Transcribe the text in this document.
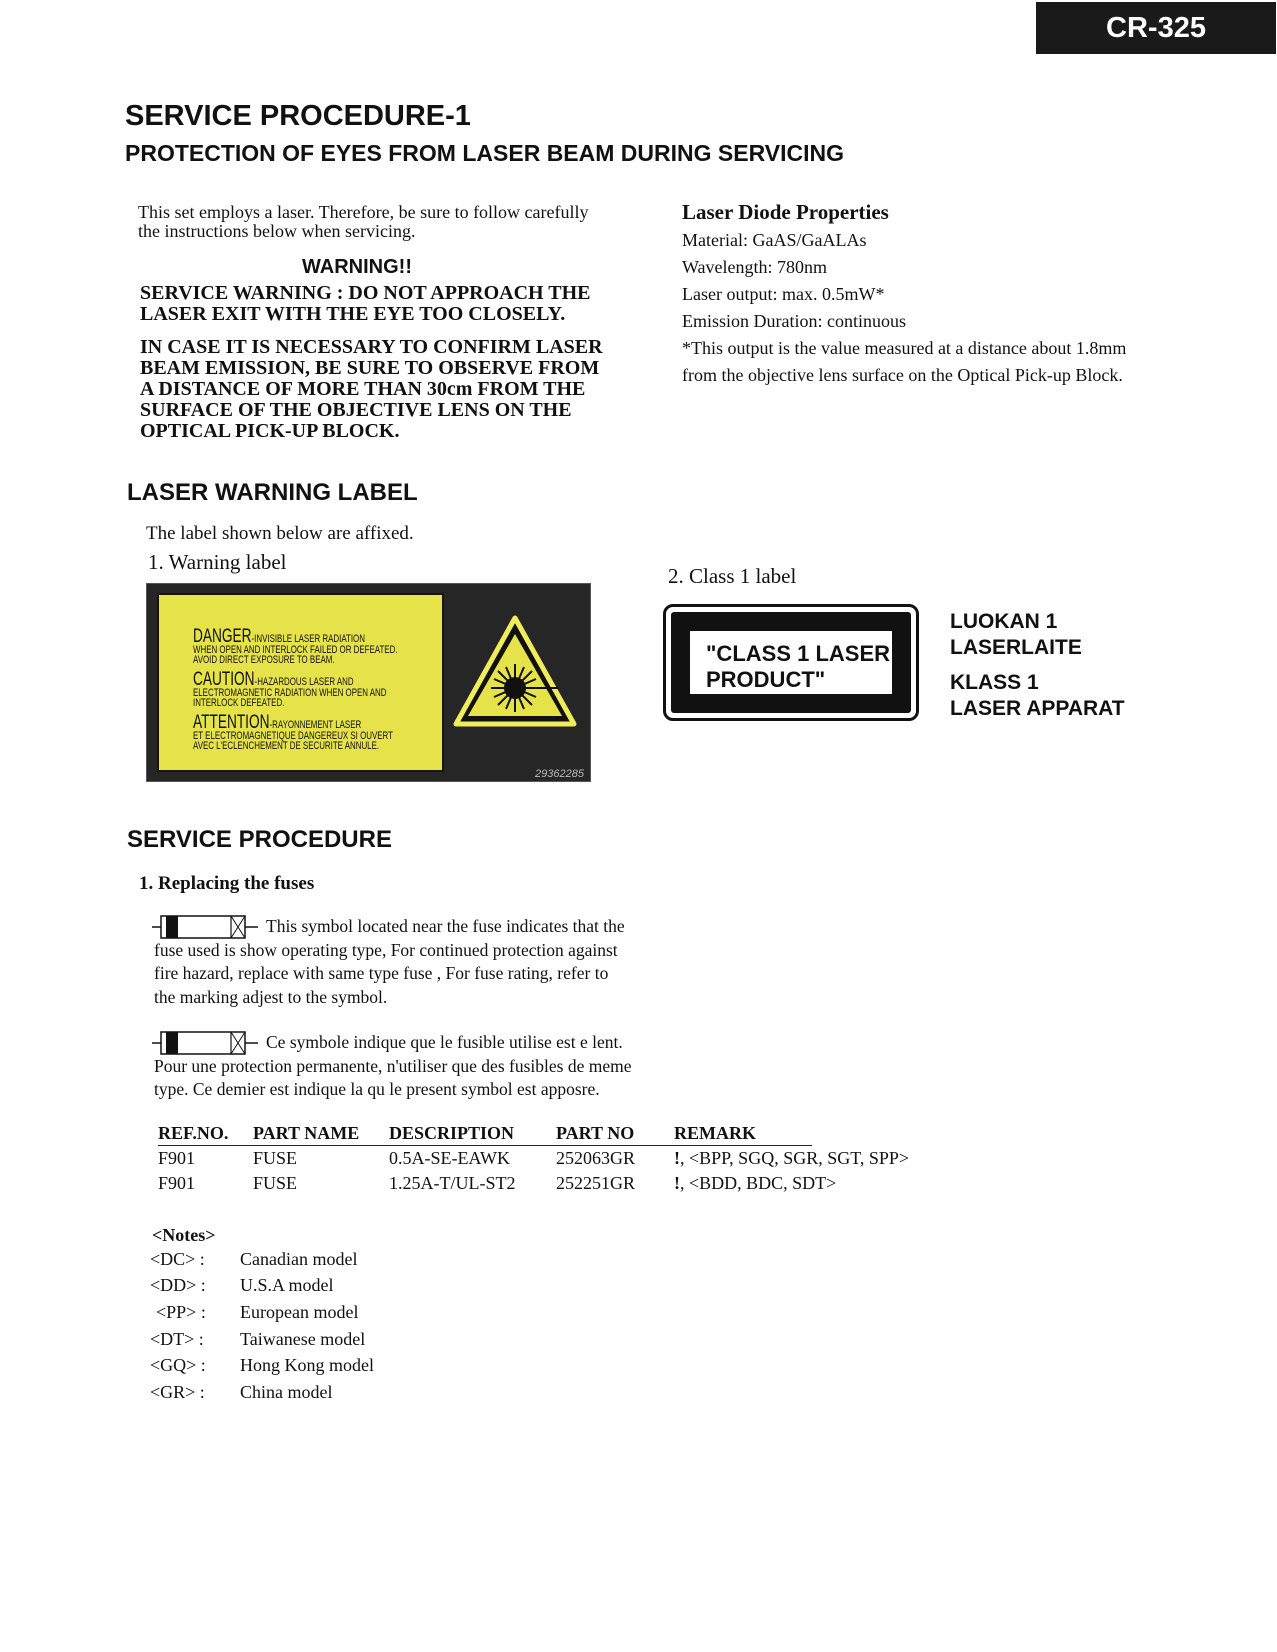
CR-325
SERVICE PROCEDURE-1
PROTECTION OF EYES FROM LASER BEAM DURING SERVICING
This set employs a laser. Therefore, be sure to follow carefully
the instructions below when servicing.
WARNING!!
SERVICE WARNING : DO NOT APPROACH THE
LASER EXIT WITH THE EYE TOO CLOSELY.
IN CASE IT IS NECESSARY TO CONFIRM LASER
BEAM EMISSION, BE SURE TO OBSERVE FROM
A DISTANCE OF MORE THAN 30cm FROM THE
SURFACE OF THE OBJECTIVE LENS ON THE
OPTICAL PICK-UP BLOCK.
Laser Diode Properties
Material: GaAS/GaALAs
Wavelength: 780nm
Laser output: max. 0.5mW*
Emission Duration: continuous
*This output is the value measured at a distance about 1.8mm
from the objective lens surface on the Optical Pick-up Block.
LASER WARNING LABEL
The label shown below are affixed.
1. Warning label
2. Class 1 label
DANGER-INVISIBLE LASER RADIATION
WHEN OPEN AND INTERLOCK FAILED OR DEFEATED.
AVOID DIRECT EXPOSURE TO BEAM.
CAUTION-HAZARDOUS LASER AND
ELECTROMAGNETIC RADIATION WHEN OPEN AND
INTERLOCK DEFEATED.
ATTENTION-RAYONNEMENT LASER
ET ELECTROMAGNETIQUE DANGEREUX SI OUVERT
AVEC L'ECLENCHEMENT DE SECURITE ANNULE.
29362285
"CLASS 1 LASER
PRODUCT"
LUOKAN 1
LASERLAITE
KLASS 1
LASER APPARAT
SERVICE PROCEDURE
1. Replacing the fuses
This symbol located near the fuse indicates that the
fuse used is show operating type, For continued protection against
fire hazard, replace with same type fuse , For fuse rating, refer to
the marking adjest to the symbol.
Ce symbole indique que le fusible utilise est e lent.
Pour une protection permanente, n'utiliser que des fusibles de meme
type. Ce demier est indique la qu le present symbol est apposre.
REF.NO.	PART NAME	DESCRIPTION	PART NO	REMARK
F901	FUSE	0.5A-SE-EAWK	252063GR	!, <BPP, SGQ, SGR, SGT, SPP>
F901	FUSE	1.25A-T/UL-ST2	252251GR	!, <BDD, BDC, SDT>
<Notes>
<DC> :	Canadian model
<DD> :	U.S.A model
<PP> :	European model
<DT> :	Taiwanese model
<GQ> :	Hong Kong model
<GR> :	China model
